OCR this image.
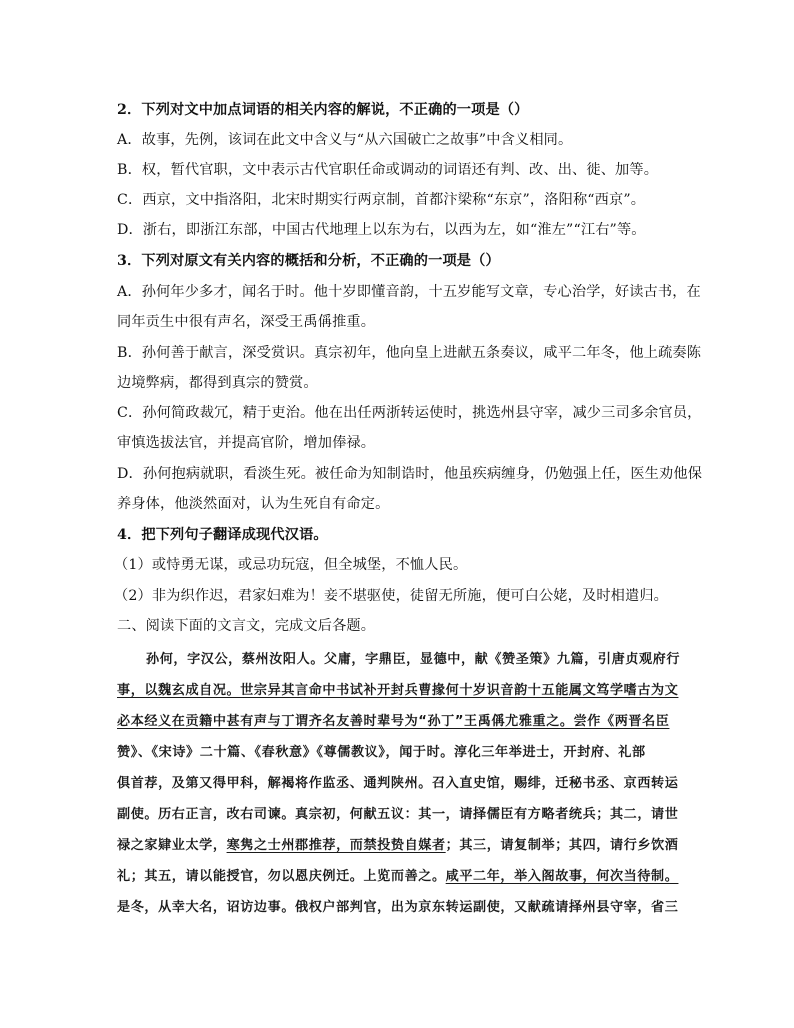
2．下列对文中加点词语的相关内容的解说，不正确的一项是（）
A．故事，先例，该词在此文中含义与“从六国破亡之故事”中含义相同。
B．权，暂代官职，文中表示古代官职任命或调动的词语还有判、改、出、徙、加等。
C．西京，文中指洛阳，北宋时期实行两京制，首都汴梁称“东京”，洛阳称“西京”。
D．浙右，即浙江东部，中国古代地理上以东为右，以西为左，如“淮左”“江右”等。
3．下列对原文有关内容的概括和分析，不正确的一项是（）
A．孙何年少多才，闻名于时。他十岁即懂音韵，十五岁能写文章，专心治学，好读古书，在
同年贡生中很有声名，深受王禹偁推重。
B．孙何善于献言，深受赏识。真宗初年，他向皇上进献五条奏议，咸平二年冬，他上疏奏陈
边境弊病，都得到真宗的赞赏。
C．孙何简政裁冗，精于吏治。他在出任两浙转运使时，挑选州县守宰，减少三司多余官员，
审慎选拔法官，并提高官阶，增加俸禄。
D．孙何抱病就职，看淡生死。被任命为知制诰时，他虽疾病缠身，仍勉强上任，医生劝他保
养身体，他淡然面对，认为生死自有命定。
4．把下列句子翻译成现代汉语。
（1）或恃勇无谋，或忌功玩寇，但全城堡，不恤人民。
（2）非为织作迟，君家妇难为！妾不堪驱使，徒留无所施，便可白公姥，及时相遣归。
二、阅读下面的文言文，完成文后各题。
孙何，字汉公，蔡州汝阳人。父庸，字鼎臣，显德中，献《赞圣策》九篇，引唐贞观府行
事，以魏玄成自况。世宗异其言命中书试补开封兵曹掾何十岁识音韵十五能属文笃学嗜古为文
必本经义在贡籍中甚有声与丁谓齐名友善时辈号为“孙丁”王禹偁尤雅重之。尝作《两晋名臣
赞》、《宋诗》二十篇、《春秋意》《尊儒教议》，闻于时。淳化三年举进士，开封府、礼部
俱首荐，及第又得甲科，解褐将作监丞、通判陕州。召入直史馆，赐绯，迁秘书丞、京西转运
副使。历右正言，改右司谏。真宗初，何献五议：其一，请择儒臣有方略者统兵；其二，请世
禄之家肄业太学，寒隽之士州郡推荐，而禁投贽自媒者；其三，请复制举；其四，请行乡饮酒
礼；其五，请以能授官，勿以恩庆例迁。上览而善之。咸平二年，举入阁故事，何次当待制。
是冬，从幸大名，诏访边事。俄权户部判官，出为京东转运副使，又献疏请择州县守宰，省三
